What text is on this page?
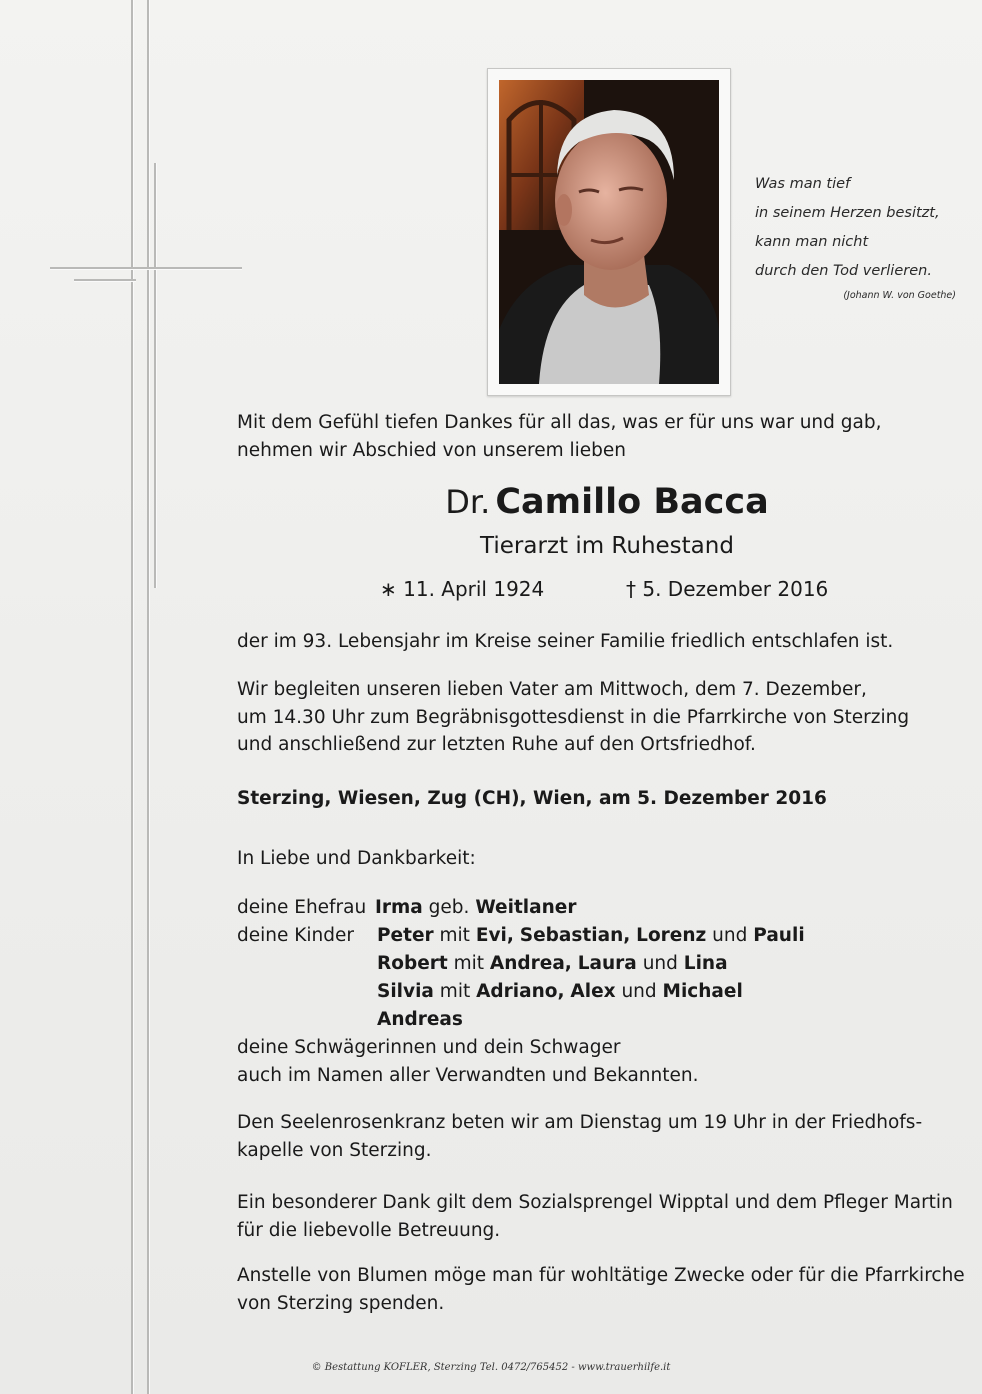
Was man tief
in seinem Herzen besitzt,
kann man nicht
durch den Tod verlieren.
(Johann W. von Goethe)
Mit dem Gefühl tiefen Dankes für all das, was er für uns war und gab,
nehmen wir Abschied von unserem lieben
Dr. Camillo Bacca
Tierarzt im Ruhestand
∗ 11. April 1924	† 5. Dezember 2016
der im 93. Lebensjahr im Kreise seiner Familie friedlich entschlafen ist.
Wir begleiten unseren lieben Vater am Mittwoch, dem 7. Dezember,
um 14.30 Uhr zum Begräbnisgottesdienst in die Pfarrkirche von Sterzing
und anschließend zur letzten Ruhe auf den Ortsfriedhof.
Sterzing, Wiesen, Zug (CH), Wien, am 5. Dezember 2016
In Liebe und Dankbarkeit:
deine Ehefrau
deine Kinder
Irma geb. Weitlaner
Peter mit Evi, Sebastian, Lorenz und Pauli
Robert mit Andrea, Laura und Lina
Silvia mit Adriano, Alex und Michael
Andreas
deine Schwägerinnen und dein Schwager
auch im Namen aller Verwandten und Bekannten.
Den Seelenrosenkranz beten wir am Dienstag um 19 Uhr in der Friedhofs-
kapelle von Sterzing.
Ein besonderer Dank gilt dem Sozialsprengel Wipptal und dem Pfleger Martin
für die liebevolle Betreuung.
Anstelle von Blumen möge man für wohltätige Zwecke oder für die Pfarrkirche
von Sterzing spenden.
© Bestattung KOFLER, Sterzing Tel. 0472/765452 - www.trauerhilfe.it
